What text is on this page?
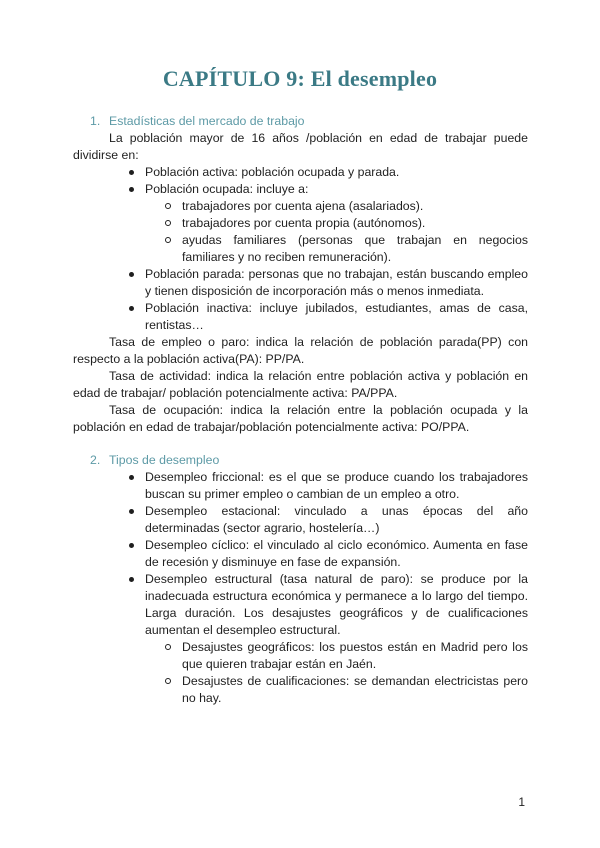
CAPÍTULO 9: El desempleo
1. Estadísticas del mercado de trabajo

La población mayor de 16 años /población en edad de trabajar puede dividirse en:

Población activa: población ocupada y parada.
Población ocupada: incluye a:
trabajadores por cuenta ajena (asalariados).
trabajadores por cuenta propia (autónomos).
ayudas familiares (personas que trabajan en negocios familiares y no reciben remuneración).
Población parada: personas que no trabajan, están buscando empleo y tienen disposición de incorporación más o menos inmediata.
Población inactiva: incluye jubilados, estudiantes, amas de casa, rentistas…

Tasa de empleo o paro: indica la relación de población parada(PP) con respecto a la población activa(PA): PP/PA.

Tasa de actividad: indica la relación entre población activa y población en edad de trabajar/ población potencialmente activa: PA/PPA.

Tasa de ocupación: indica la relación entre la población ocupada y la población en edad de trabajar/población potencialmente activa: PO/PPA.

2. Tipos de desempleo
Desempleo friccional: es el que se produce cuando los trabajadores buscan su primer empleo o cambian de un empleo a otro.
Desempleo estacional: vinculado a unas épocas del año determinadas (sector agrario, hostelería…)
Desempleo cíclico: el vinculado al ciclo económico. Aumenta en fase de recesión y disminuye en fase de expansión.
Desempleo estructural (tasa natural de paro): se produce por la inadecuada estructura económica y permanece a lo largo del tiempo. Larga duración. Los desajustes geográficos y de cualificaciones aumentan el desempleo estructural.
Desajustes geográficos: los puestos están en Madrid pero los que quieren trabajar están en Jaén.
Desajustes de cualificaciones: se demandan electricistas pero no hay.
1
